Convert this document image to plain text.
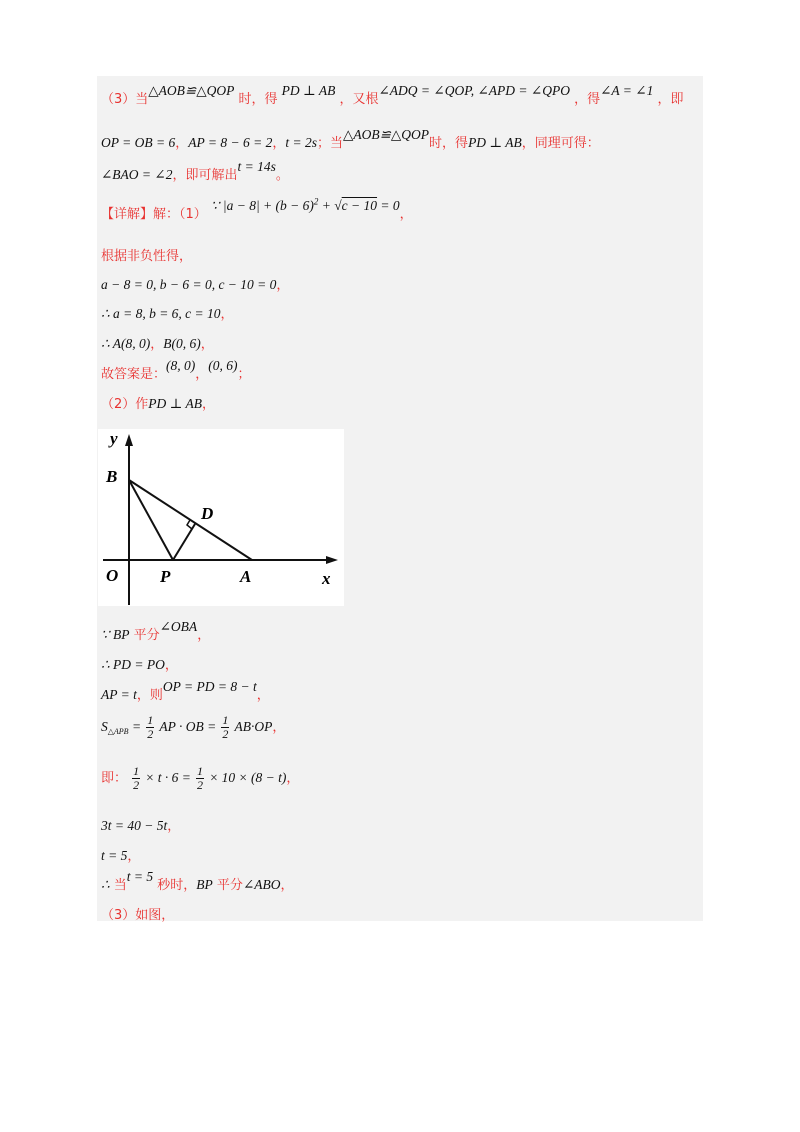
（3）当△AOB≌△QOP 时，得 PD ⊥ AB ，又根∠ADQ = ∠QOP, ∠APD = ∠QPO ，得∠A = ∠1 ，即
OP = OB = 6，AP = 8 − 6 = 2，t = 2s；当△AOB≌△QOP时，得PD ⊥ AB，同理可得：
∠BAO = ∠2，即可解出t = 14s。
【详解】解：（1） ∵ $|a - 8| + (b - 6)^2 + √c - 10 = 0$，
根据非负性得，
a − 8 = 0, b − 6 = 0, c − 10 = 0，
∴ a = 8, b = 6, c = 10，
∴ A(8, 0)，B(0, 6)，
故答案是：(8, 0)，(0, 6)；
（2）作PD ⊥ AB，
y
B
D
O P	A	x
∵ BP 平分∠OBA，
∴ PD = PO，
AP = t，则OP = PD = 8 − t，
$S_{\triangle APB} = \frac{1}{2}$ AP · OB = $\frac{1}{2} AB\cdot OP$，
即： $\frac{1}{2} \times t \cdot 6 = \frac{1}{2} \times 10 \times (8 - t)$，
3t = 40 − 5t，
t = 5，
∴ 当t = 5 秒时，BP 平分∠ABO，
（3）如图，
